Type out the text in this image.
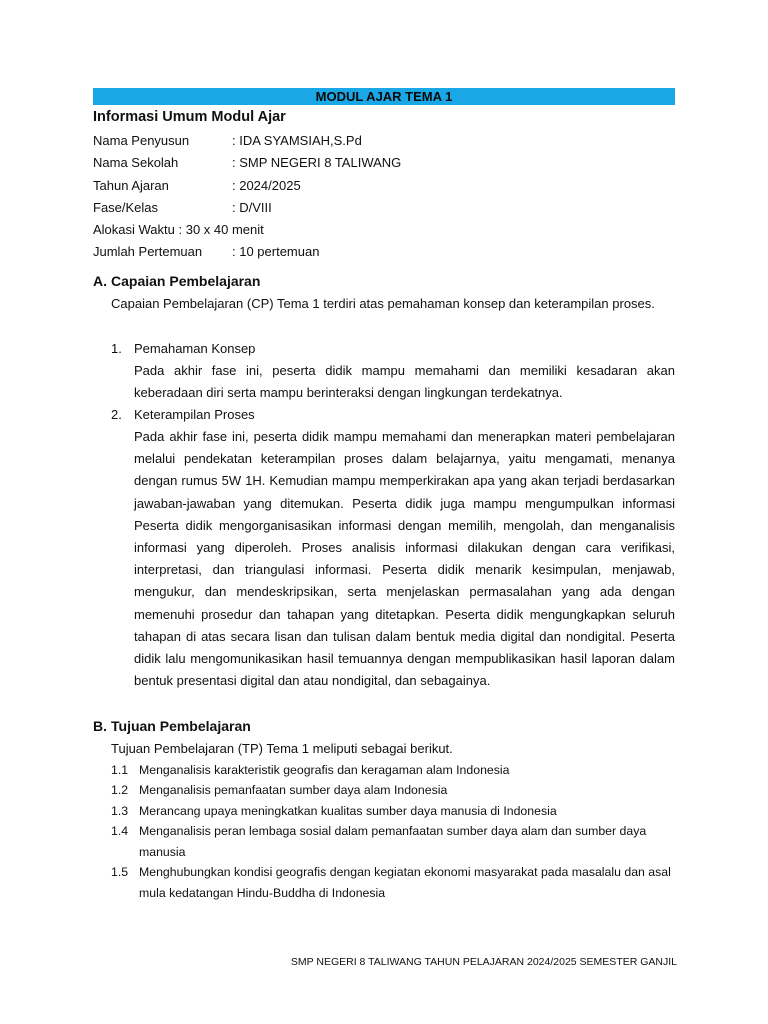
MODUL AJAR TEMA 1
Informasi Umum Modul Ajar
Nama Penyusun	: IDA SYAMSIAH,S.Pd
Nama Sekolah	: SMP NEGERI 8 TALIWANG
Tahun Ajaran	: 2024/2025
Fase/Kelas	: D/VIII
Alokasi Waktu : 30 x 40 menit
Jumlah Pertemuan : 10 pertemuan
A. Capaian Pembelajaran
Capaian Pembelajaran (CP) Tema 1 terdiri atas pemahaman konsep dan keterampilan proses.
1. Pemahaman Konsep
Pada akhir fase ini, peserta didik mampu memahami dan memiliki kesadaran akan keberadaan diri serta mampu berinteraksi dengan lingkungan terdekatnya.
2. Keterampilan Proses
Pada akhir fase ini, peserta didik mampu memahami dan menerapkan materi pembelajaran melalui pendekatan keterampilan proses dalam belajarnya, yaitu mengamati, menanya dengan rumus 5W 1H. Kemudian mampu memperkirakan apa yang akan terjadi berdasarkan jawaban-jawaban yang ditemukan. Peserta didik juga mampu mengumpulkan informasi Peserta didik mengorganisasikan informasi dengan memilih, mengolah, dan menganalisis informasi yang diperoleh. Proses analisis informasi dilakukan dengan cara verifikasi, interpretasi, dan triangulasi informasi. Peserta didik menarik kesimpulan, menjawab, mengukur, dan mendeskripsikan, serta menjelaskan permasalahan yang ada dengan memenuhi prosedur dan tahapan yang ditetapkan. Peserta didik mengungkapkan seluruh tahapan di atas secara lisan dan tulisan dalam bentuk media digital dan nondigital. Peserta didik lalu mengomunikasikan hasil temuannya dengan mempublikasikan hasil laporan dalam bentuk presentasi digital dan atau nondigital, dan sebagainya.
B. Tujuan Pembelajaran
Tujuan Pembelajaran (TP) Tema 1 meliputi sebagai berikut.
1.1 Menganalisis karakteristik geografis dan keragaman alam Indonesia
1.2 Menganalisis pemanfaatan sumber daya alam Indonesia
1.3 Merancang upaya meningkatkan kualitas sumber daya manusia di Indonesia
1.4 Menganalisis peran lembaga sosial dalam pemanfaatan sumber daya alam dan sumber daya manusia
1.5 Menghubungkan kondisi geografis dengan kegiatan ekonomi masyarakat pada masalalu dan asal mula kedatangan Hindu-Buddha di Indonesia
SMP NEGERI 8 TALIWANG TAHUN PELAJARAN 2024/2025 SEMESTER GANJIL
